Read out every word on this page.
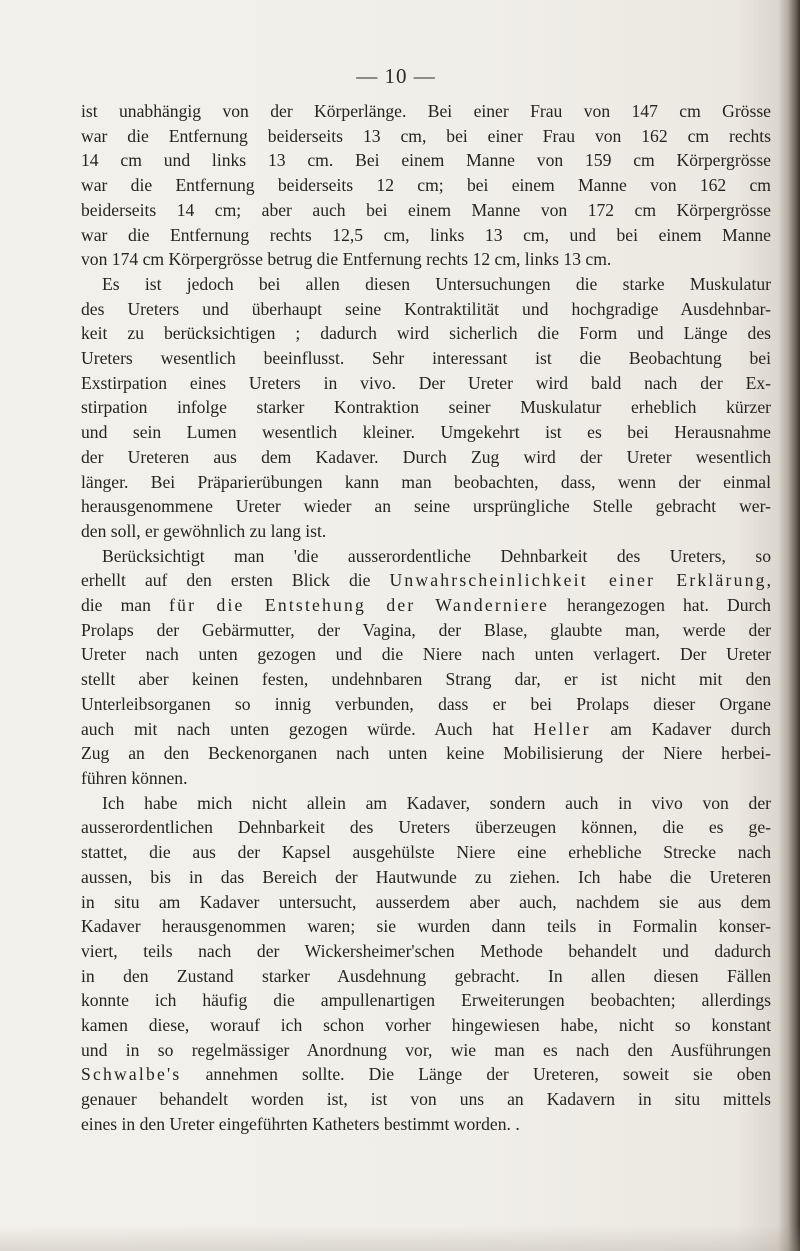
— 10 —
ist unabhängig von der Körperlänge. Bei einer Frau von 147 cm Grösse
war die Entfernung beiderseits 13 cm, bei einer Frau von 162 cm rechts
14 cm und links 13 cm. Bei einem Manne von 159 cm Körpergrösse
war die Entfernung beiderseits 12 cm; bei einem Manne von 162 cm
beiderseits 14 cm; aber auch bei einem Manne von 172 cm Körpergrösse
war die Entfernung rechts 12,5 cm, links 13 cm, und bei einem Manne
von 174 cm Körpergrösse betrug die Entfernung rechts 12 cm, links 13 cm.
Es ist jedoch bei allen diesen Untersuchungen die starke Muskulatur
des Ureters und überhaupt seine Kontraktilität und hochgradige Ausdehnbar-
keit zu berücksichtigen ; dadurch wird sicherlich die Form und Länge des
Ureters wesentlich beeinflusst. Sehr interessant ist die Beobachtung bei
Exstirpation eines Ureters in vivo. Der Ureter wird bald nach der Ex-
stirpation infolge starker Kontraktion seiner Muskulatur erheblich kürzer
und sein Lumen wesentlich kleiner. Umgekehrt ist es bei Herausnahme
der Ureteren aus dem Kadaver. Durch Zug wird der Ureter wesentlich
länger. Bei Präparierübungen kann man beobachten, dass, wenn der einmal
herausgenommene Ureter wieder an seine ursprüngliche Stelle gebracht wer-
den soll, er gewöhnlich zu lang ist.
Berücksichtigt man 'die ausserordentliche Dehnbarkeit des Ureters, so
erhellt auf den ersten Blick die Unwahrscheinlichkeit einer Erklärung,
die man für die Entstehung der Wanderniere herangezogen hat. Durch
Prolaps der Gebärmutter, der Vagina, der Blase, glaubte man, werde der
Ureter nach unten gezogen und die Niere nach unten verlagert. Der Ureter
stellt aber keinen festen, undehnbaren Strang dar, er ist nicht mit den
Unterleibsorganen so innig verbunden, dass er bei Prolaps dieser Organe
auch mit nach unten gezogen würde. Auch hat Heller am Kadaver durch
Zug an den Beckenorganen nach unten keine Mobilisierung der Niere herbei-
führen können.
Ich habe mich nicht allein am Kadaver, sondern auch in vivo von der
ausserordentlichen Dehnbarkeit des Ureters überzeugen können, die es ge-
stattet, die aus der Kapsel ausgehülste Niere eine erhebliche Strecke nach
aussen, bis in das Bereich der Hautwunde zu ziehen. Ich habe die Ureteren
in situ am Kadaver untersucht, ausserdem aber auch, nachdem sie aus dem
Kadaver herausgenommen waren; sie wurden dann teils in Formalin konser-
viert, teils nach der Wickersheimer'schen Methode behandelt und dadurch
in den Zustand starker Ausdehnung gebracht. In allen diesen Fällen
konnte ich häufig die ampullenartigen Erweiterungen beobachten; allerdings
kamen diese, worauf ich schon vorher hingewiesen habe, nicht so konstant
und in so regelmässiger Anordnung vor, wie man es nach den Ausführungen
Schwalbe's annehmen sollte. Die Länge der Ureteren, soweit sie oben
genauer behandelt worden ist, ist von uns an Kadavern in situ mittels
eines in den Ureter eingeführten Katheters bestimmt worden. .
